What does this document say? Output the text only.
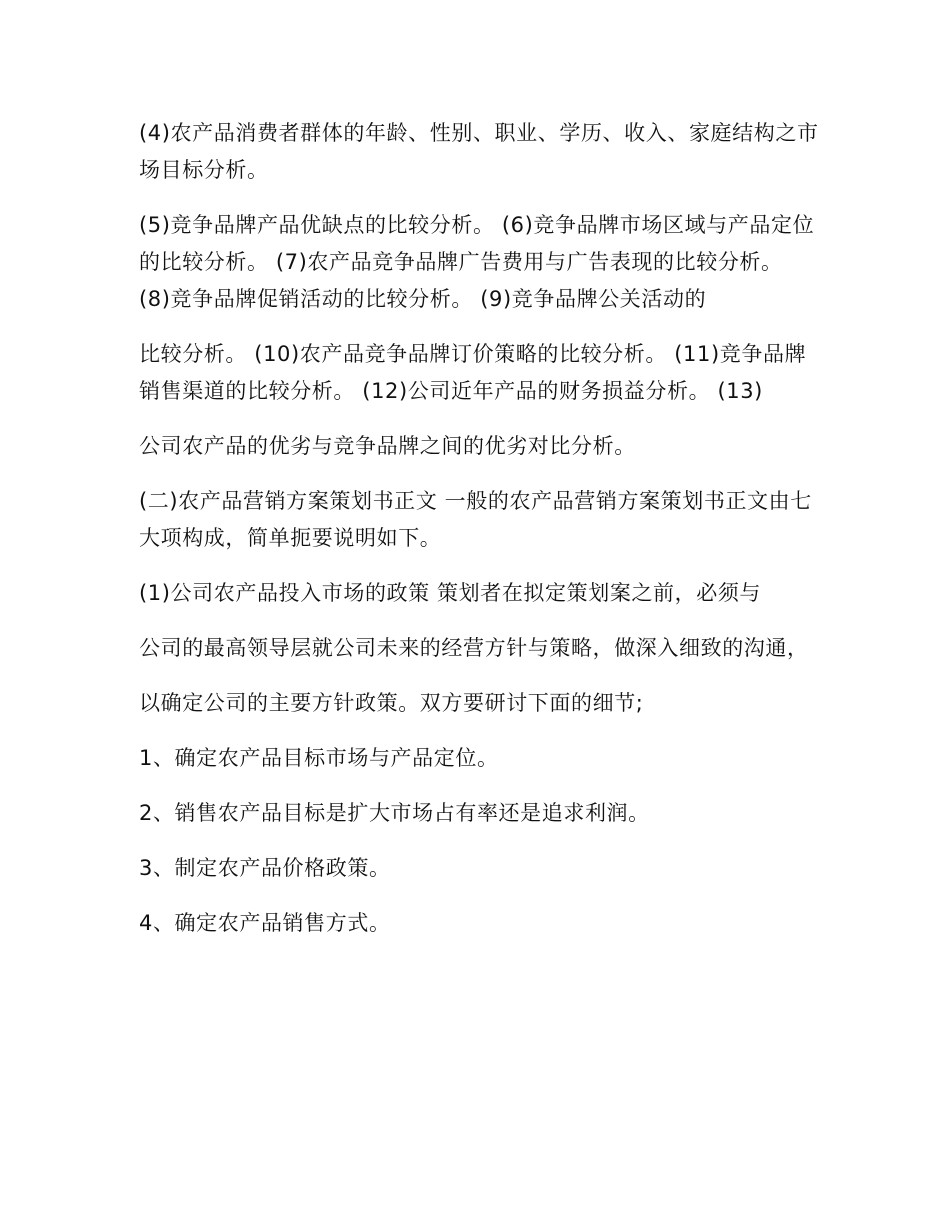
(4)农产品消费者群体的年龄、性别、职业、学历、收入、家庭结构之市场目标分析。

(5)竞争品牌产品优缺点的比较分析。 (6)竞争品牌市场区域与产品定位的比较分析。 (7)农产品竞争品牌广告费用与广告表现的比较分析。 (8)竞争品牌促销活动的比较分析。 (9)竞争品牌公关活动的

比较分析。 (10)农产品竞争品牌订价策略的比较分析。 (11)竞争品牌销售渠道的比较分析。 (12)公司近年产品的财务损益分析。 (13)

公司农产品的优劣与竞争品牌之间的优劣对比分析。

(二)农产品营销方案策划书正文 一般的农产品营销方案策划书正文由七大项构成，简单扼要说明如下。

(1)公司农产品投入市场的政策 策划者在拟定策划案之前，必须与

公司的最高领导层就公司未来的经营方针与策略，做深入细致的沟通，

以确定公司的主要方针政策。双方要研讨下面的细节;

1、确定农产品目标市场与产品定位。

2、销售农产品目标是扩大市场占有率还是追求利润。

3、制定农产品价格政策。

4、确定农产品销售方式。
